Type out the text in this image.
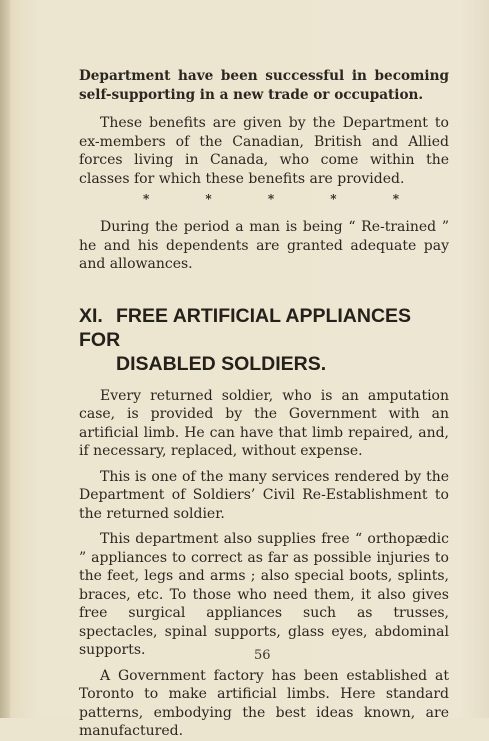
Department have been successful in becoming self-supporting in a new trade or occupation.

These benefits are given by the Department to ex-members of the Canadian, British and Allied forces living in Canada, who come within the classes for which these benefits are provided.

*	*	*	*	*

During the period a man is being “ Re-trained ” he and his dependents are granted adequate pay and allowances.

XI. FREE ARTIFICIAL APPLIANCES FOR
DISABLED SOLDIERS.

Every returned soldier, who is an amputation case, is provided by the Government with an artificial limb. He can have that limb repaired, and, if necessary, replaced, without expense.

This is one of the many services rendered by the Department of Soldiers’ Civil Re-Establishment to the returned soldier.

This department also supplies free “ orthopædic ” appliances to correct as far as possible injuries to the feet, legs and arms ; also special boots, splints, braces, etc. To those who need them, it also gives free surgical appliances such as trusses, spectacles, spinal supports, glass eyes, abdominal supports.

A Government factory has been established at Toronto to make artificial limbs. Here standard patterns, embodying the best ideas known, are manufactured.

56
